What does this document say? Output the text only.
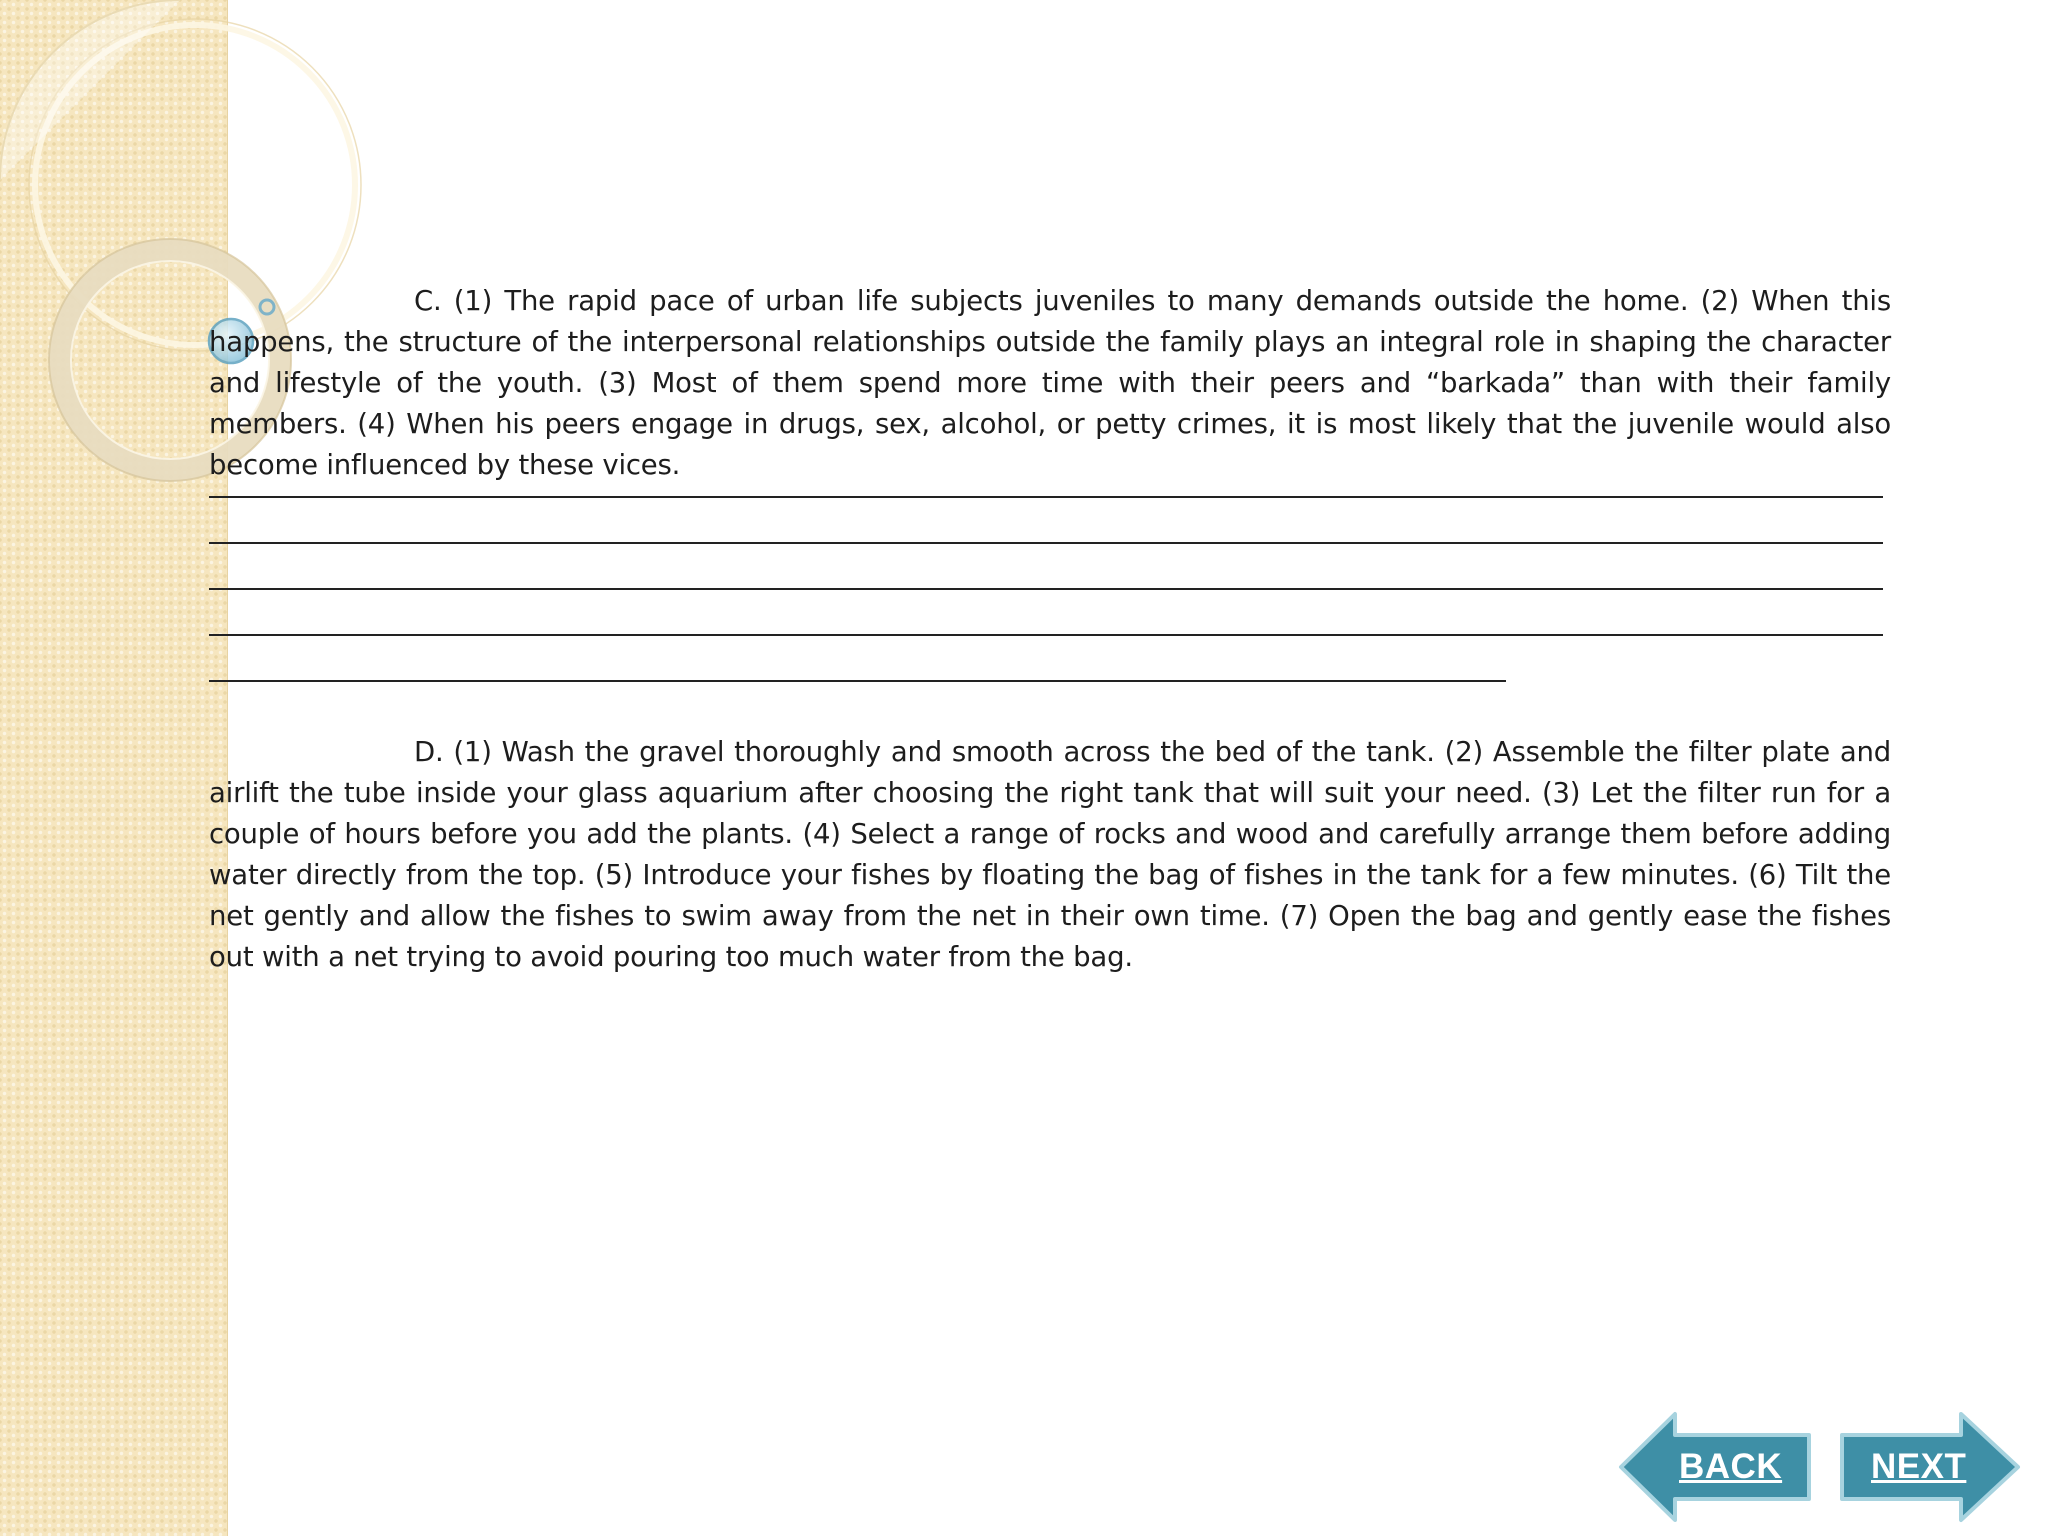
C. (1) The rapid pace of urban life subjects juveniles to many demands outside the home. (2) When this happens, the structure of the interpersonal relationships outside the family plays an integral role in shaping the character and lifestyle of the youth. (3) Most of them spend more time with their peers and “barkada” than with their family members. (4) When his peers engage in drugs, sex, alcohol, or petty crimes, it is most likely that the juvenile would also become influenced by these vices.

D. (1) Wash the gravel thoroughly and smooth across the bed of the tank. (2) Assemble the filter plate and airlift the tube inside your glass aquarium after choosing the right tank that will suit your need. (3) Let the filter run for a couple of hours before you add the plants. (4) Select a range of rocks and wood and carefully arrange them before adding water directly from the top. (5) Introduce your fishes by floating the bag of fishes in the tank for a few minutes. (6) Tilt the net gently and allow the fishes to swim away from the net in their own time. (7) Open the bag and gently ease the fishes out with a net trying to avoid pouring too much water from the bag.

BACK	NEXT
